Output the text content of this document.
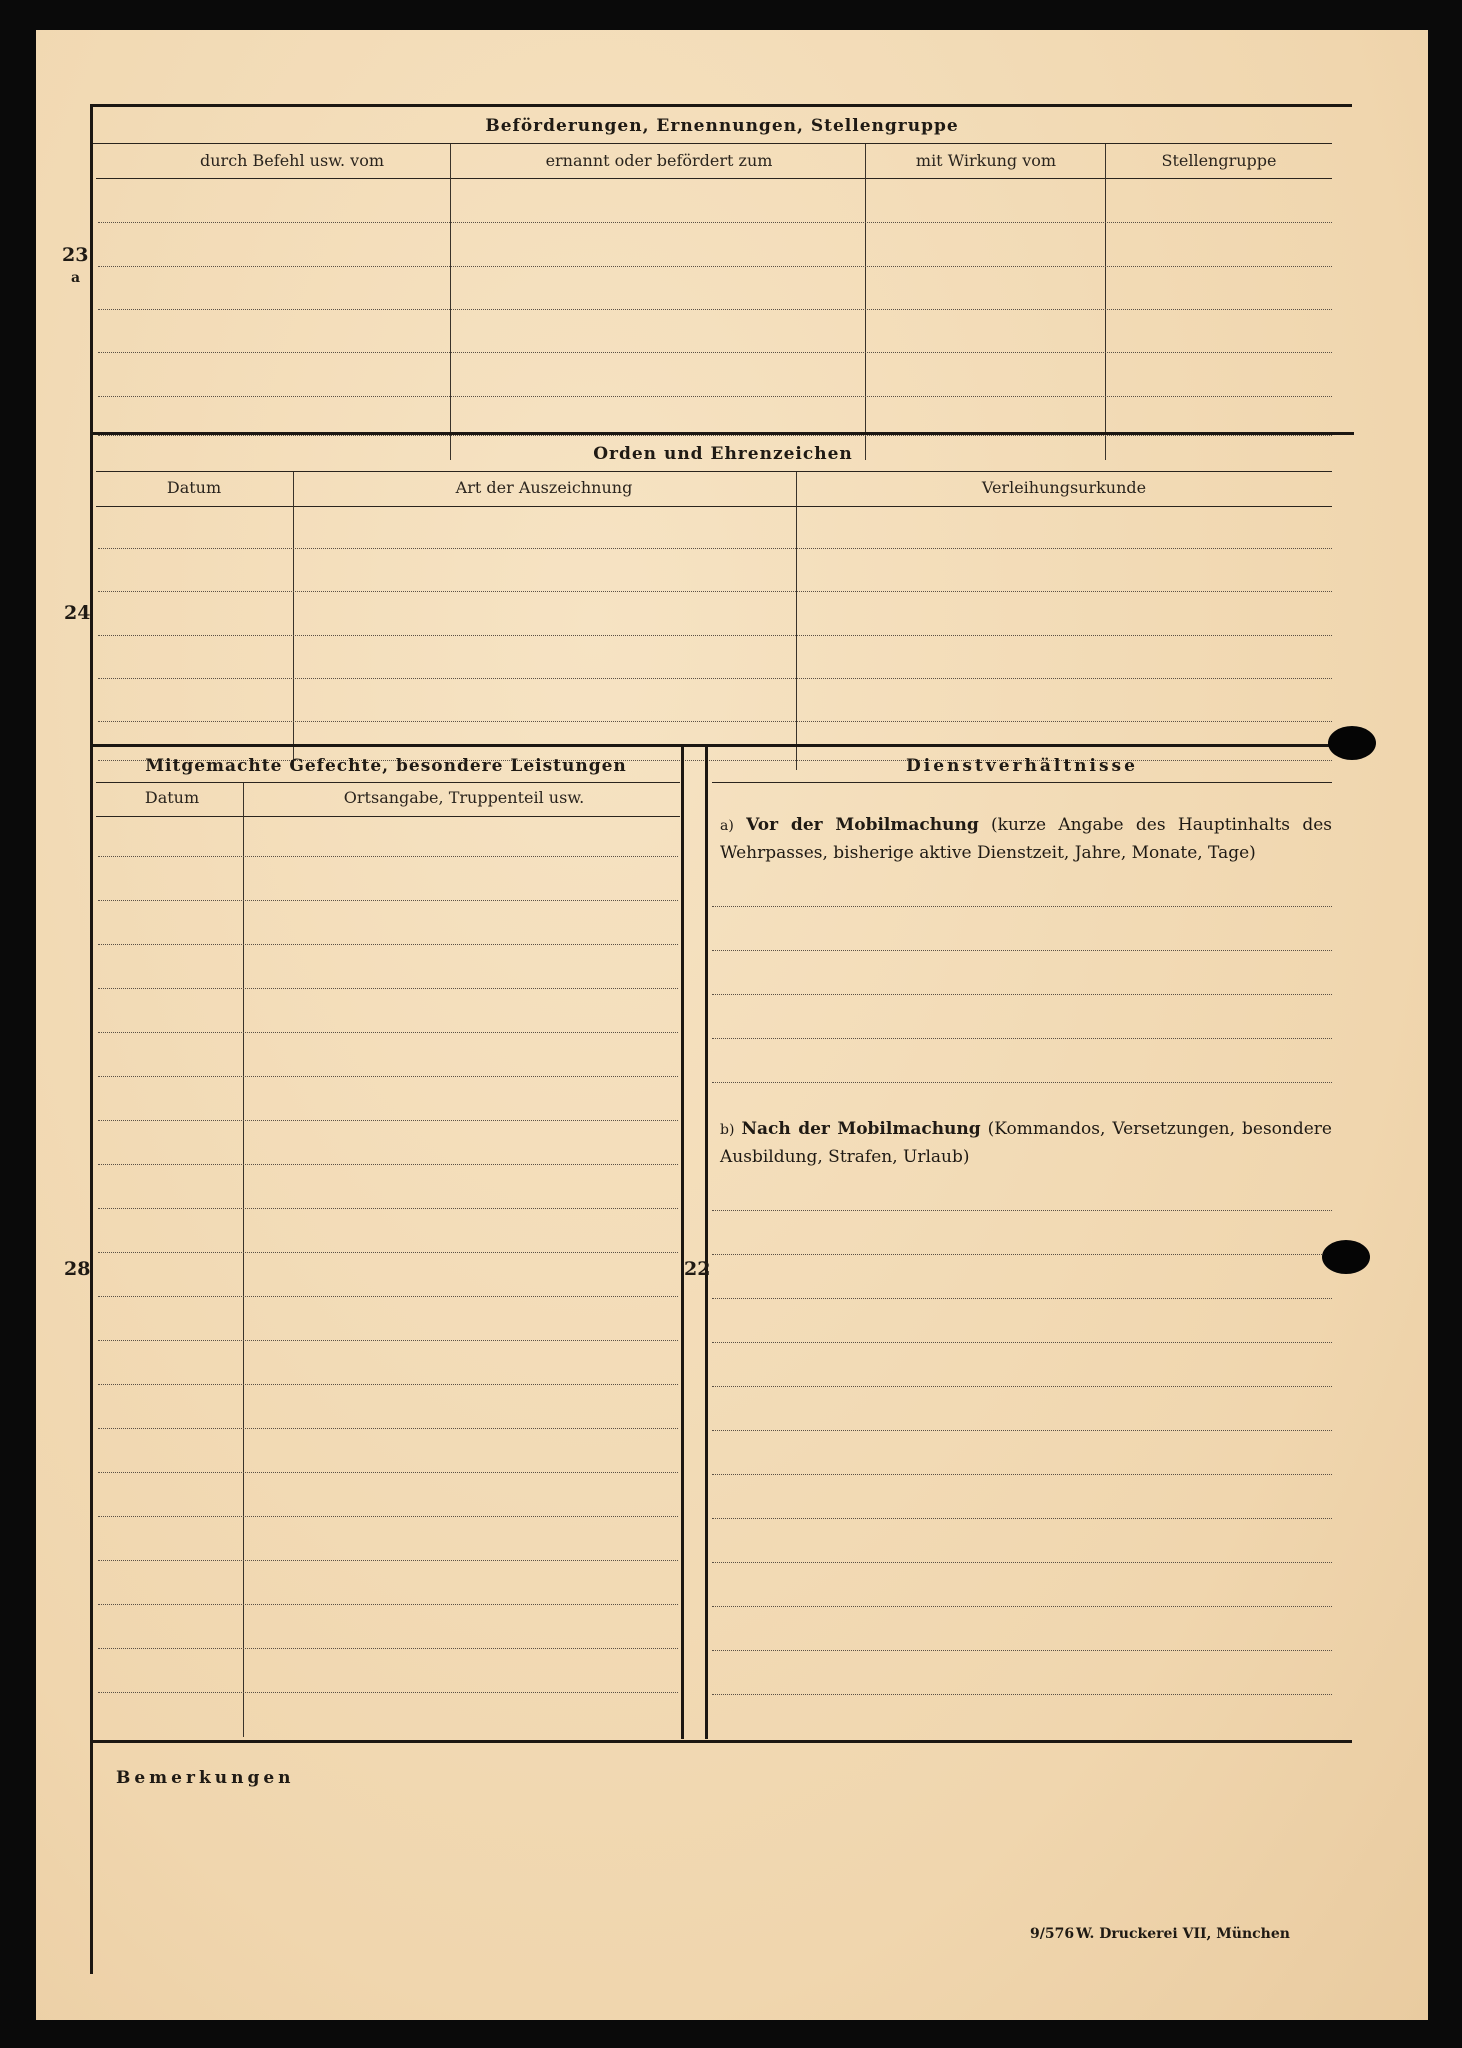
Beförderungen, Ernennungen, Stellengruppe
durch Befehl usw. vom	ernannt oder befördert zum	mit Wirkung vom	Stellengruppe
23
a
Orden und Ehrenzeichen
Datum	Art der Auszeichnung	Verleihungsurkunde
24
Mitgemachte Gefechte, besondere Leistungen	Dienstverhältnisse
Datum	Ortsangabe, Truppenteil usw.
28	22
a) Vor der Mobilmachung (kurze Angabe des Hauptinhalts des Wehrpasses, bisherige aktive Dienstzeit, Jahre, Monate, Tage)
b) Nach der Mobilmachung (Kommandos, Versetzungen, besondere Ausbildung, Strafen, Urlaub)
Bemerkungen
9/576 W. Druckerei VII, München
